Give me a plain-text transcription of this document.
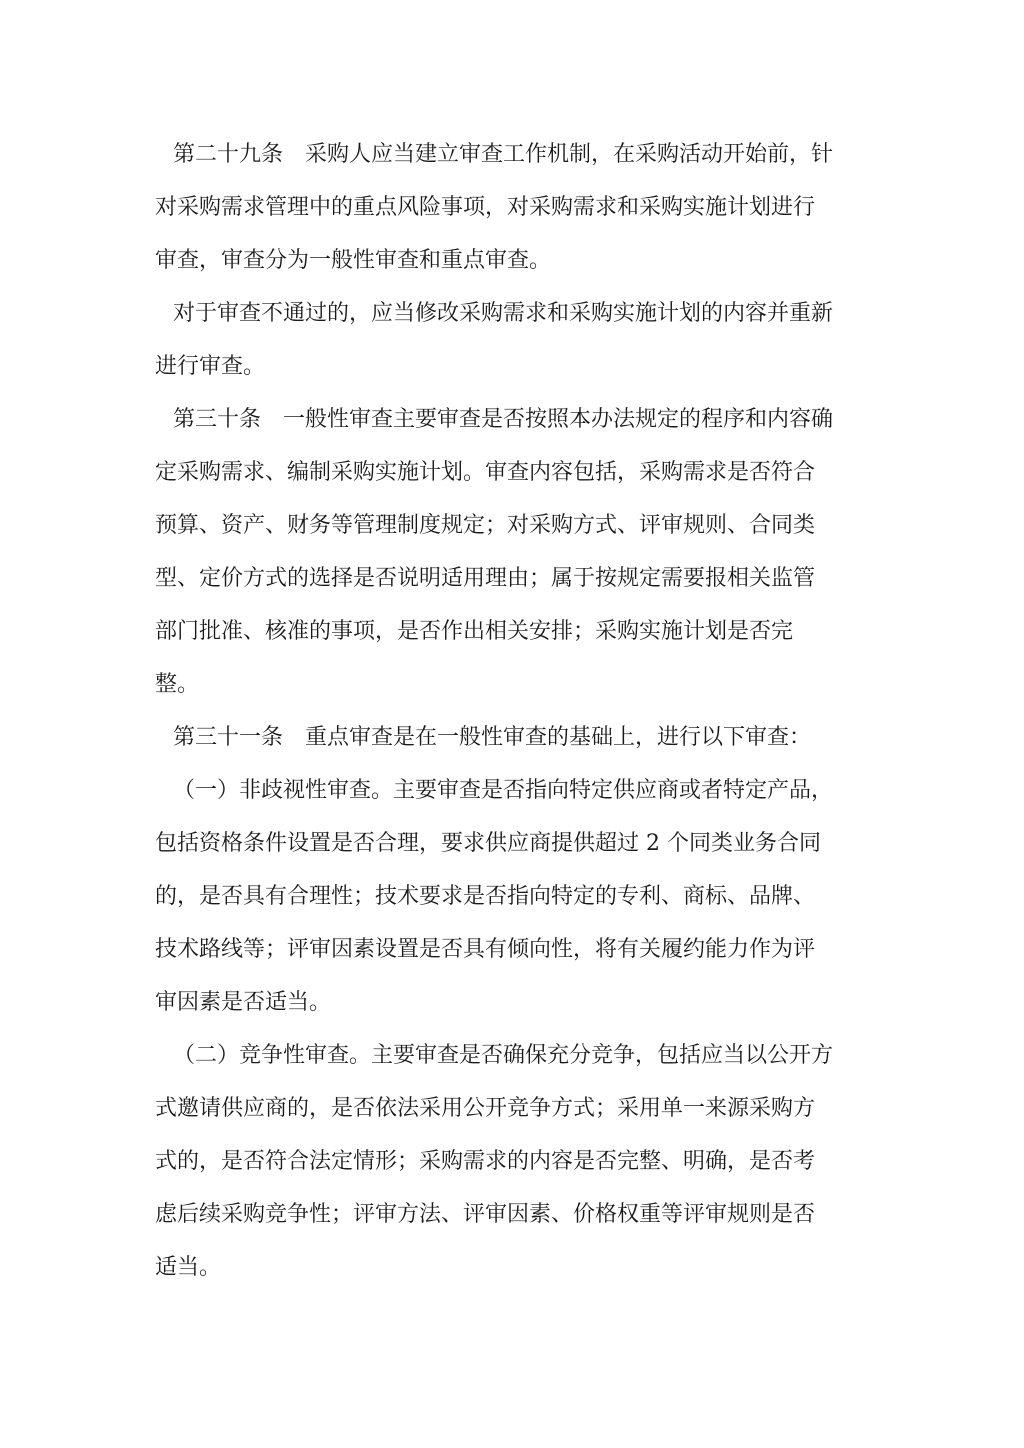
第二十九条　采购人应当建立审查工作机制，在采购活动开始前，针
对采购需求管理中的重点风险事项，对采购需求和采购实施计划进行
审查，审查分为一般性审查和重点审查。
对于审查不通过的，应当修改采购需求和采购实施计划的内容并重新
进行审查。
第三十条　一般性审查主要审查是否按照本办法规定的程序和内容确
定采购需求、编制采购实施计划。审查内容包括，采购需求是否符合
预算、资产、财务等管理制度规定；对采购方式、评审规则、合同类
型、定价方式的选择是否说明适用理由；属于按规定需要报相关监管
部门批准、核准的事项，是否作出相关安排；采购实施计划是否完
整。
第三十一条　重点审查是在一般性审查的基础上，进行以下审查：
（一）非歧视性审查。主要审查是否指向特定供应商或者特定产品，
包括资格条件设置是否合理，要求供应商提供超过 2 个同类业务合同
的，是否具有合理性；技术要求是否指向特定的专利、商标、品牌、
技术路线等；评审因素设置是否具有倾向性，将有关履约能力作为评
审因素是否适当。
（二）竞争性审查。主要审查是否确保充分竞争，包括应当以公开方
式邀请供应商的，是否依法采用公开竞争方式；采用单一来源采购方
式的，是否符合法定情形；采购需求的内容是否完整、明确，是否考
虑后续采购竞争性；评审方法、评审因素、价格权重等评审规则是否
适当。
